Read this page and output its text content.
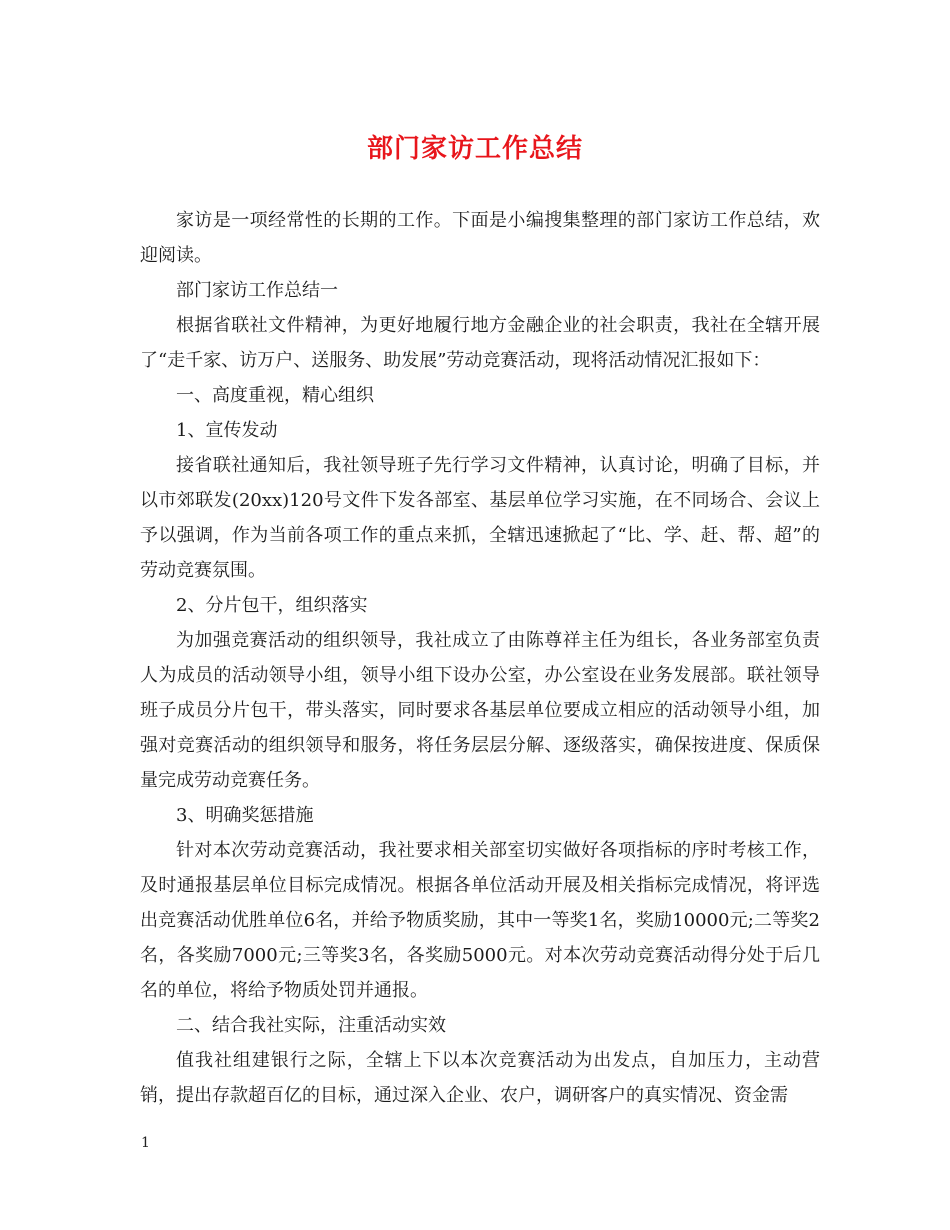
部门家访工作总结

家访是一项经常性的长期的工作。下面是小编搜集整理的部门家访工作总结，欢迎阅读。

部门家访工作总结一

根据省联社文件精神，为更好地履行地方金融企业的社会职责，我社在全辖开展了“走千家、访万户、送服务、助发展”劳动竞赛活动，现将活动情况汇报如下：

一、高度重视，精心组织

1、宣传发动

接省联社通知后，我社领导班子先行学习文件精神，认真讨论，明确了目标，并以市郊联发(20xx)120号文件下发各部室、基层单位学习实施，在不同场合、会议上予以强调，作为当前各项工作的重点来抓，全辖迅速掀起了“比、学、赶、帮、超”的劳动竞赛氛围。

2、分片包干，组织落实

为加强竞赛活动的组织领导，我社成立了由陈尊祥主任为组长，各业务部室负责人为成员的活动领导小组，领导小组下设办公室，办公室设在业务发展部。联社领导班子成员分片包干，带头落实，同时要求各基层单位要成立相应的活动领导小组，加强对竞赛活动的组织领导和服务，将任务层层分解、逐级落实，确保按进度、保质保量完成劳动竞赛任务。

3、明确奖惩措施

针对本次劳动竞赛活动，我社要求相关部室切实做好各项指标的序时考核工作，及时通报基层单位目标完成情况。根据各单位活动开展及相关指标完成情况，将评选出竞赛活动优胜单位6名，并给予物质奖励，其中一等奖1名，奖励10000元;二等奖2名，各奖励7000元;三等奖3名，各奖励5000元。对本次劳动竞赛活动得分处于后几名的单位，将给予物质处罚并通报。

二、结合我社实际，注重活动实效

值我社组建银行之际，全辖上下以本次竞赛活动为出发点，自加压力，主动营销，提出存款超百亿的目标，通过深入企业、农户，调研客户的真实情况、资金需

1
